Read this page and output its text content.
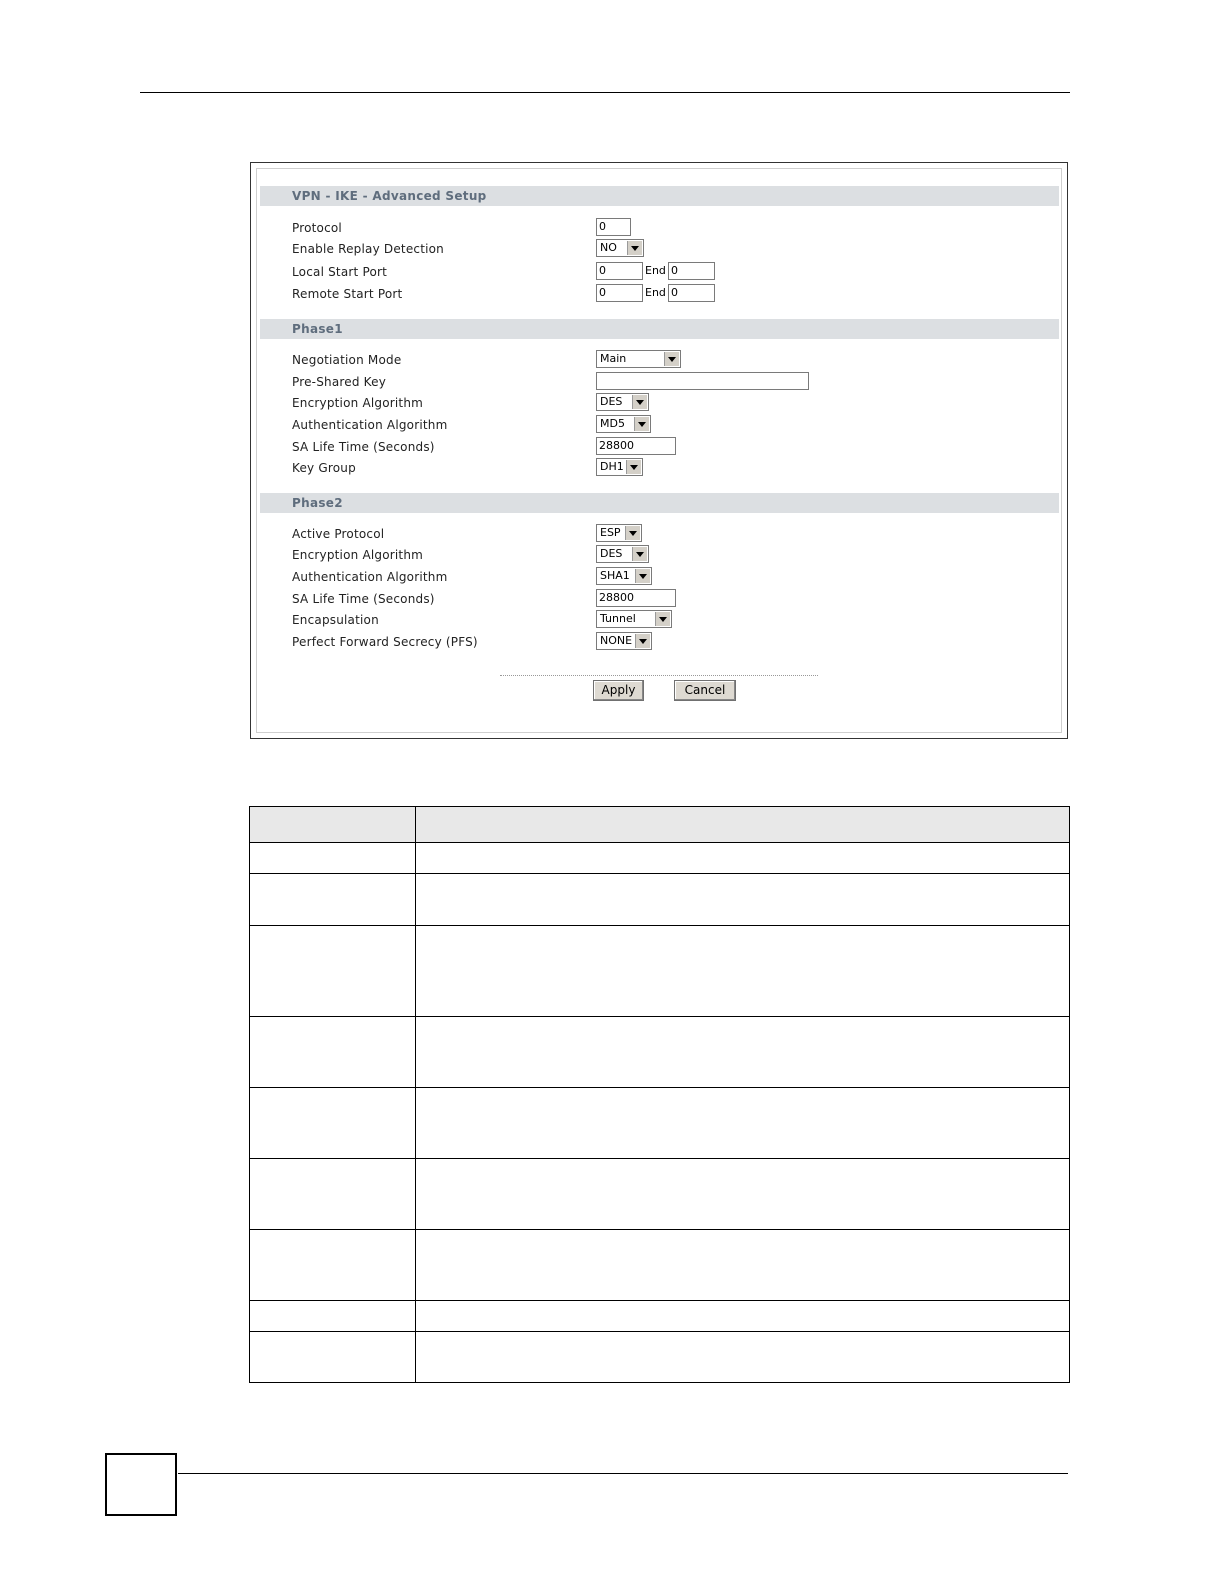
VPN - IKE - Advanced Setup
Protocol	0
Enable Replay Detection	NO
Local Start Port	0	End 0
Remote Start Port	0	End 0
Phase1
Negotiation Mode	Main
Pre-Shared Key
Encryption Algorithm	DES
Authentication Algorithm	MD5
SA Life Time (Seconds)	28800
Key Group	DH1
Phase2
Active Protocol	ESP
Encryption Algorithm	DES
Authentication Algorithm	SHA1
SA Life Time (Seconds)	28800
Encapsulation	Tunnel
Perfect Forward Secrecy (PFS)	NONE
Apply	Cancel
